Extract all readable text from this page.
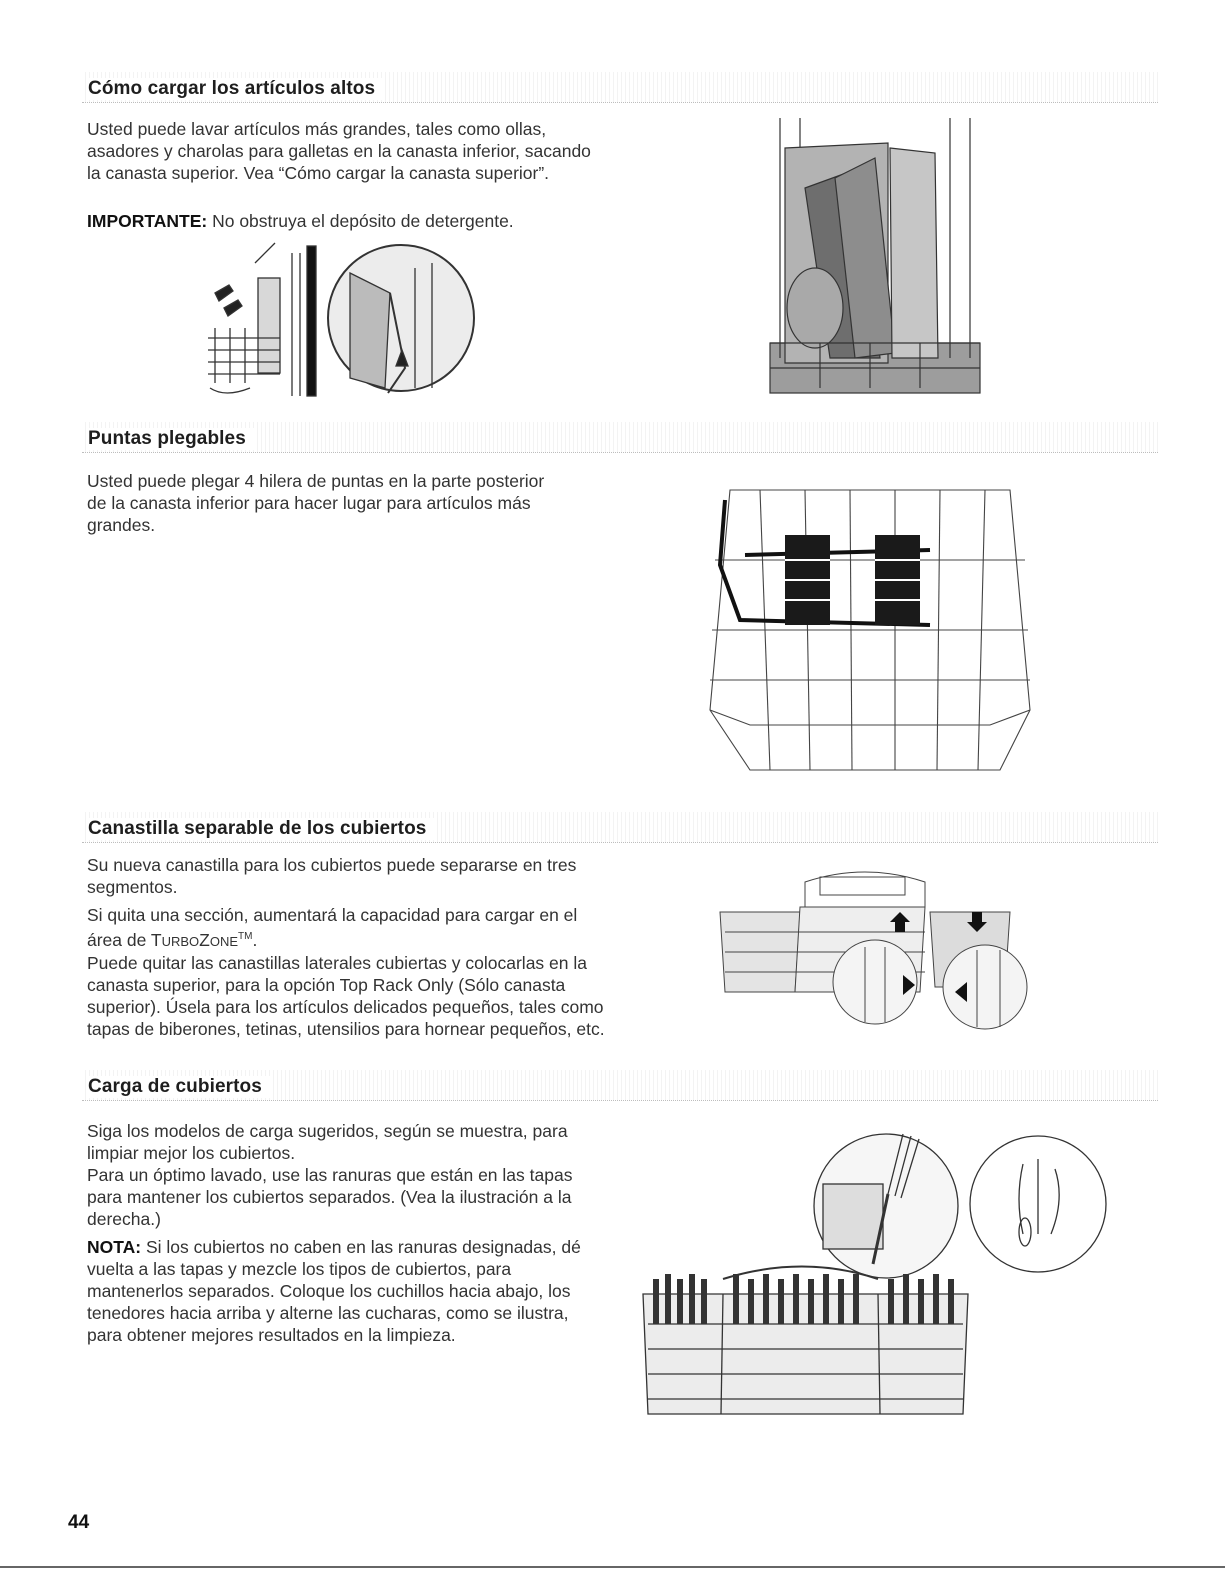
Cómo cargar los artículos altos

Usted puede lavar artículos más grandes, tales como ollas, asadores y charolas para galletas en la canasta inferior, sacando la canasta superior. Vea “Cómo cargar la canasta superior”.

IMPORTANTE: No obstruya el depósito de detergente.

Puntas plegables

Usted puede plegar 4 hilera de puntas en la parte posterior de la canasta inferior para hacer lugar para artículos más grandes.

Canastilla separable de los cubiertos

Su nueva canastilla para los cubiertos puede separarse en tres segmentos.

Si quita una sección, aumentará la capacidad para cargar en el área de TURBOZONE™.

Puede quitar las canastillas laterales cubiertas y colocarlas en la canasta superior, para la opción Top Rack Only (Sólo canasta superior). Úsela para los artículos delicados pequeños, tales como tapas de biberones, tetinas, utensilios para hornear pequeños, etc.

Carga de cubiertos

Siga los modelos de carga sugeridos, según se muestra, para limpiar mejor los cubiertos.

Para un óptimo lavado, use las ranuras que están en las tapas para mantener los cubiertos separados. (Vea la ilustración a la derecha.)

NOTA: Si los cubiertos no caben en las ranuras designadas, dé vuelta a las tapas y mezcle los tipos de cubiertos, para mantenerlos separados. Coloque los cuchillos hacia abajo, los tenedores hacia arriba y alterne las cucharas, como se ilustra, para obtener mejores resultados en la limpieza.

44
